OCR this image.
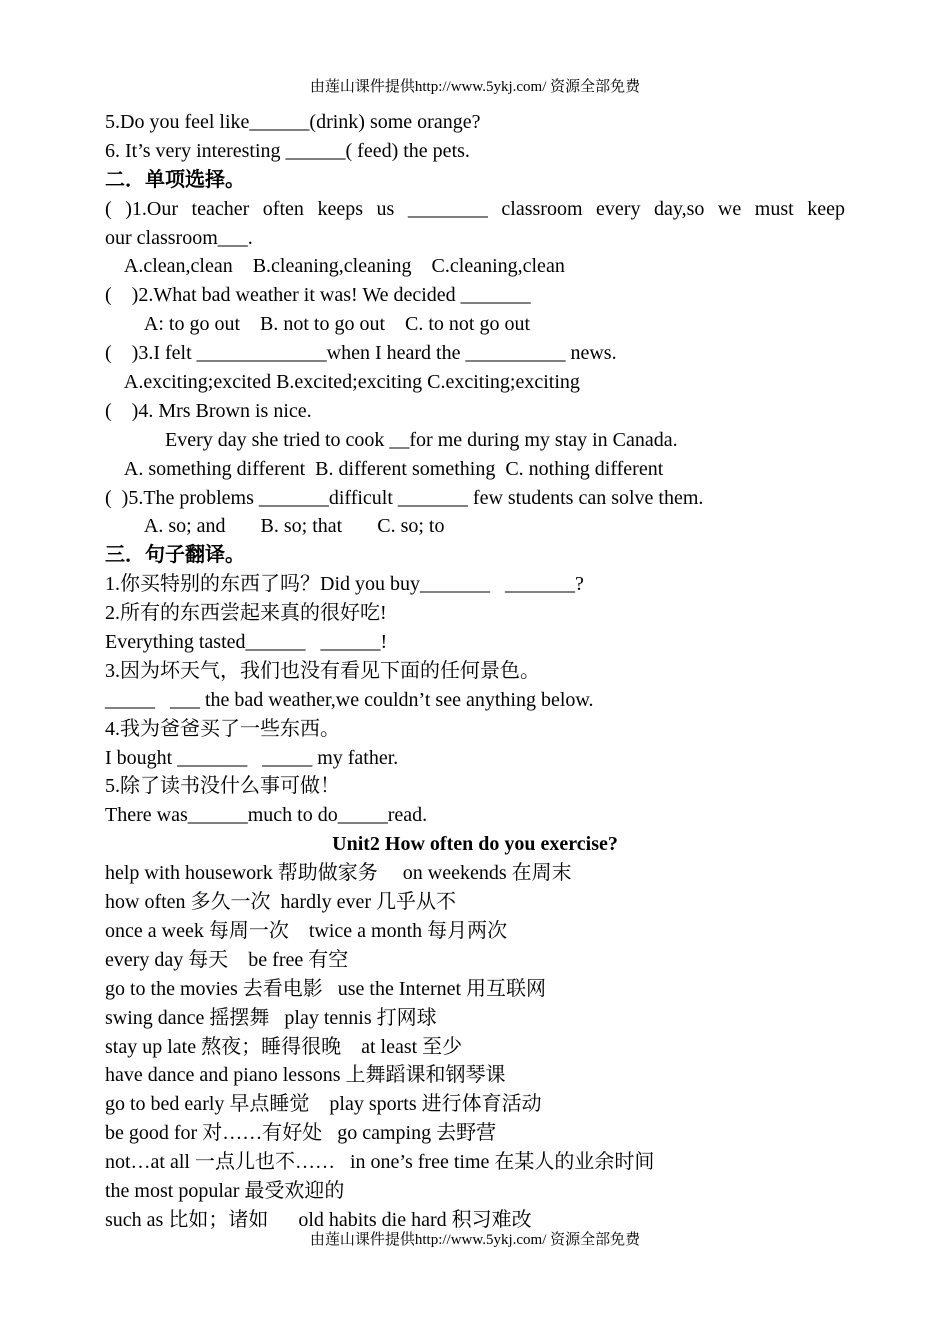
由莲山课件提供http://www.5ykj.com/ 资源全部免费
5.Do you feel like______(drink) some orange?
6. It’s very interesting ______( feed) the pets.
二．单项选择。
( )1.Our teacher often keeps us ________ classroom every day,so we must keep
our classroom___.
A.clean,clean    B.cleaning,cleaning    C.cleaning,clean
(    )2.What bad weather it was! We decided _______
A: to go out    B. not to go out    C. to not go out
(    )3.I felt _____________when I heard the __________ news.
A.exciting;excited B.excited;exciting C.exciting;exciting
(    )4. Mrs Brown is nice.
Every day she tried to cook __for me during my stay in Canada.
A. something different  B. different something  C. nothing different
(  )5.The problems _______difficult _______ few students can solve them.
A. so; and       B. so; that       C. so; to
三．句子翻译。
1.你买特别的东西了吗？Did you buy_______   _______?
2.所有的东西尝起来真的很好吃!
Everything tasted______   ______!
3.因为坏天气，我们也没有看见下面的任何景色。
_____   ___ the bad weather,we couldn’t see anything below.
4.我为爸爸买了一些东西。
I bought _______   _____ my father.
5.除了读书没什么事可做！
There was______much to do_____read.
Unit2 How often do you exercise?
help with housework 帮助做家务     on weekends 在周末
how often 多久一次  hardly ever 几乎从不
once a week 每周一次    twice a month 每月两次
every day 每天    be free 有空
go to the movies 去看电影   use the Internet 用互联网
swing dance 摇摆舞   play tennis 打网球
stay up late 熬夜；睡得很晚    at least 至少
have dance and piano lessons 上舞蹈课和钢琴课
go to bed early 早点睡觉    play sports 进行体育活动
be good for 对……有好处   go camping 去野营
not…at all 一点儿也不……   in one’s free time 在某人的业余时间
the most popular 最受欢迎的
such as 比如；诸如      old habits die hard 积习难改
由莲山课件提供http://www.5ykj.com/ 资源全部免费
